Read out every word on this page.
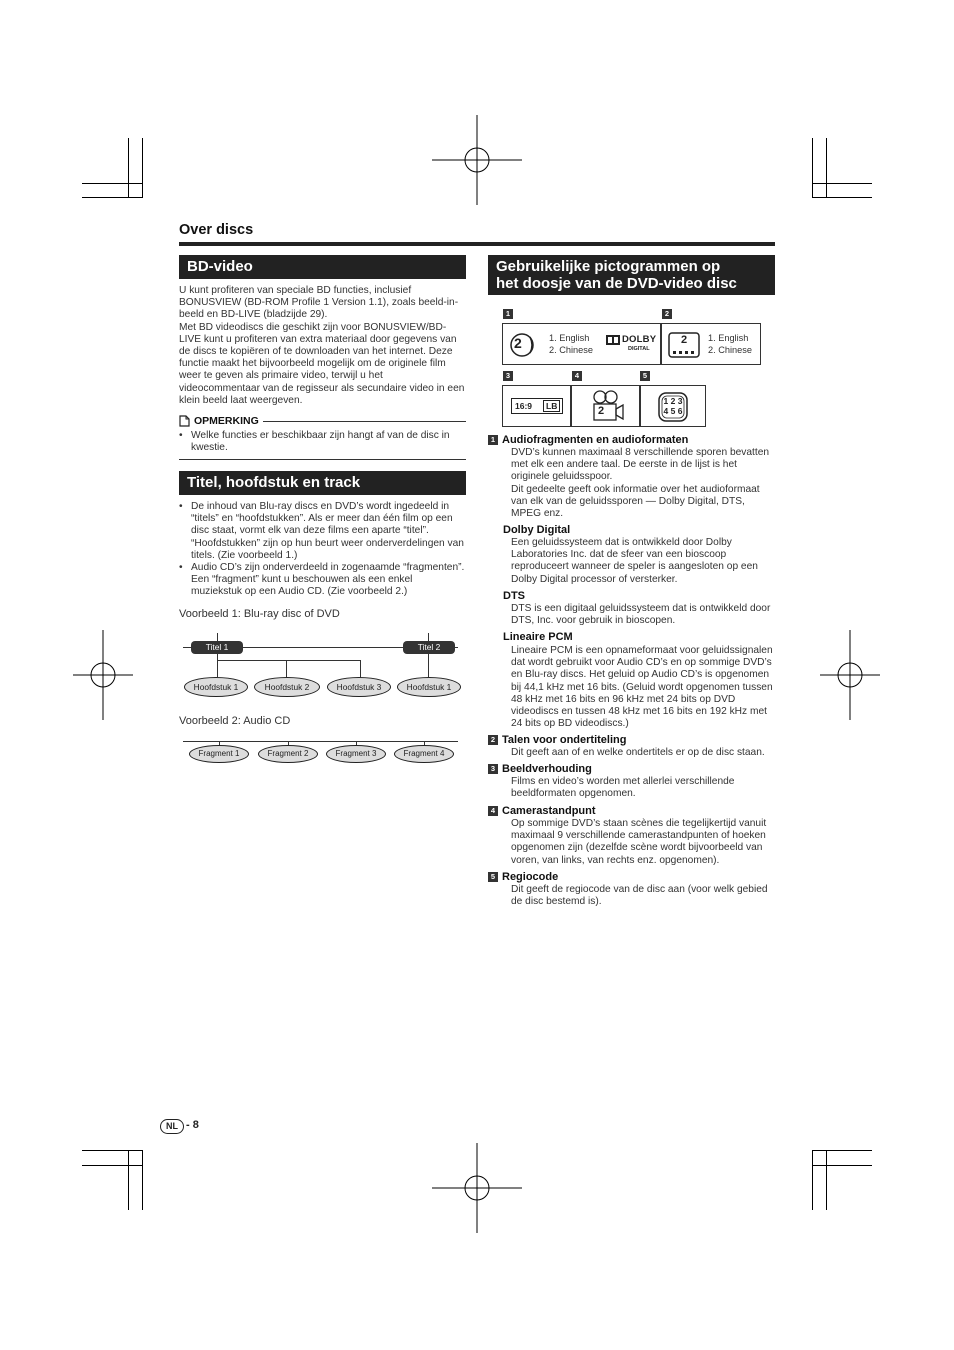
Over discs
BD-video

U kunt profiteren van speciale BD functies, inclusief BONUSVIEW (BD-ROM Profile 1 Version 1.1), zoals beeld-in-beeld en BD-LIVE (bladzijde 29).

Met BD videodiscs die geschikt zijn voor BONUSVIEW/BD-LIVE kunt u profiteren van extra materiaal door gegevens van de discs te kopiëren of te downloaden van het internet. Deze functie maakt het bijvoorbeeld mogelijk om de originele film weer te geven als primaire video, terwijl u het videocommentaar van de regisseur als secundaire video in een klein beeld laat weergeven.

OPMERKING
• Welke functies er beschikbaar zijn hangt af van de disc in kwestie.
Titel, hoofdstuk en track
• De inhoud van Blu-ray discs en DVD’s wordt ingedeeld in “titels” en “hoofdstukken”. Als er meer dan één film op een disc staat, vormt elk van deze films een aparte “titel”. “Hoofdstukken” zijn op hun beurt weer onderverdelingen van titels. (Zie voorbeeld 1.)
• Audio CD’s zijn onderverdeeld in zogenaamde “fragmenten”. Een “fragment” kunt u beschouwen als een enkel muziekstuk op een Audio CD. (Zie voorbeeld 2.)
Voorbeeld 1: Blu-ray disc of DVD
Titel 1	Titel 2
Hoofdstuk 1	Hoofdstuk 2	Hoofdstuk 3	Hoofdstuk 1
Voorbeeld 2: Audio CD
Fragment 1	Fragment 2	Fragment 3	Fragment 4
Gebruikelijke pictogrammen op
het doosje van de DVD-video disc
1	2
2	1. English
2. Chinese
DOLBY
DIGITAL
2 1. English
2. Chinese
3	4	5
16:9	LB	2
1 2 3
4 5 6
1 Audiofragmenten en audioformaten

DVD’s kunnen maximaal 8 verschillende sporen bevatten met elk een andere taal. De eerste in de lijst is het originele geluidsspoor.

Dit gedeelte geeft ook informatie over het audioformaat van elk van de geluidssporen — Dolby Digital, DTS, MPEG enz.

Dolby Digital
Een geluidssysteem dat is ontwikkeld door Dolby Laboratories Inc. dat de sfeer van een bioscoop reproduceert wanneer de speler is aangesloten op een Dolby Digital processor of versterker.
DTS
DTS is een digitaal geluidssysteem dat is ontwikkeld door DTS, Inc. voor gebruik in bioscopen.
Lineaire PCM
Lineaire PCM is een opnameformaat voor geluidssignalen dat wordt gebruikt voor Audio CD’s en op sommige DVD’s en Blu-ray discs. Het geluid op Audio CD’s is opgenomen bij 44,1 kHz met 16 bits. (Geluid wordt opgenomen tussen 48 kHz met 16 bits en 96 kHz met 24 bits op DVD videodiscs en tussen 48 kHz met 16 bits en 192 kHz met 24 bits op BD videodiscs.)
2 Talen voor ondertiteling
Dit geeft aan of en welke ondertitels er op de disc staan.
3 Beeldverhouding
Films en video’s worden met allerlei verschillende beeldformaten opgenomen.
4 Camerastandpunt
Op sommige DVD’s staan scènes die tegelijkertijd vanuit maximaal 9 verschillende camerastandpunten of hoeken opgenomen zijn (dezelfde scène wordt bijvoorbeeld van voren, van links, van rechts enz. opgenomen).
5 Regiocode
Dit geeft de regiocode van de disc aan (voor welk gebied de disc bestemd is).
NL - 8
